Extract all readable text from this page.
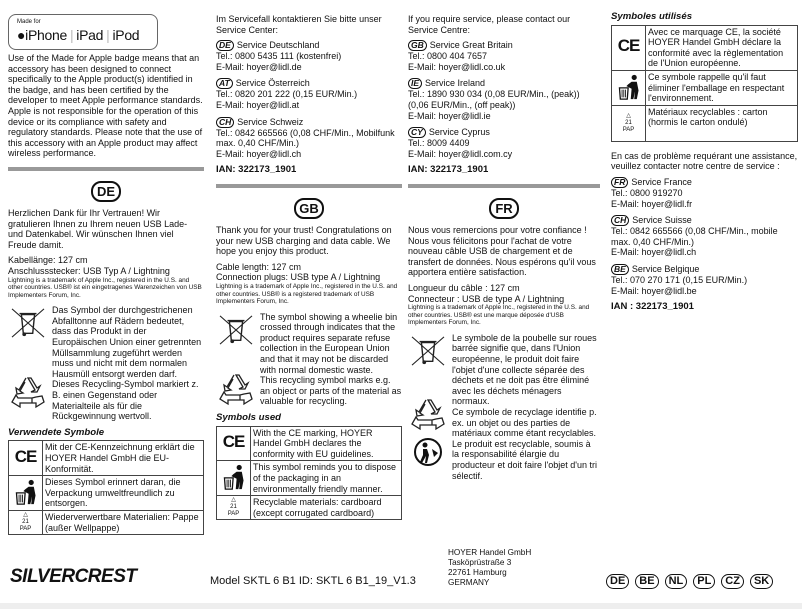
Made for
●iPhone | iPad | iPod

Use of the Made for Apple badge means that an accessory has been designed to connect specifically to the Apple product(s) identified in the badge, and has been certified by the developer to meet Apple performance standards. Apple is not responsible for the operation of this device or its compliance with safety and regulatory standards. Please note that the use of this accessory with an Apple product may affect wireless performance.

DE

Herzlichen Dank für Ihr Vertrauen! Wir gratulieren Ihnen zu Ihrem neuen USB Lade- und Datenkabel. Wir wünschen Ihnen viel Freude damit.

Kabellänge: 127 cm
Anschlussstecker: USB Typ A / Lightning

Lightning is a trademark of Apple Inc., registered in the U.S. and other countries. USB® ist ein eingetragenes Warenzeichen von USB Implementers Forum, Inc.

Das Symbol der durchgestrichenen Abfalltonne auf Rädern bedeutet, dass das Produkt in der Europäischen Union einer getrennten Müllsammlung zugeführt werden muss und nicht mit dem normalen Hausmüll entsorgt werden darf.
Dieses Recycling-Symbol markiert z. B. einen Gegenstand oder Materialteile als für die Rückgewinnung wertvoll.
Verwendete Symbole
CE	Mit der CE-Kennzeichnung erklärt die HOYER Handel GmbH die EU-Konformität.
	Dieses Symbol erinnert daran, die Verpackung umweltfreundlich zu entsorgen.

△
21
PAP	Wiederverwertbare Materialien: Pappe (außer Wellpappe)

Im Servicefall kontaktieren Sie bitte unser Service Center:

DE Service Deutschland
Tel.: 0800 5435 111 (kostenfrei)
E-Mail: hoyer@lidl.de
AT Service Österreich
Tel.: 0820 201 222 (0,15 EUR/Min.)
E-Mail: hoyer@lidl.at
CH Service Schweiz
Tel.: 0842 665566 (0,08 CHF/Min., Mobilfunk max. 0,40 CHF/Min.)
E-Mail: hoyer@lidl.ch
IAN: 322173_1901
GB

Thank you for your trust! Congratulations on your new USB charging and data cable. We hope you enjoy this product.

Cable length: 127 cm
Connection plugs: USB type A / Lightning

Lightning is a trademark of Apple Inc., registered in the U.S. and other countries. USB® is a registered trademark of USB Implementers Forum, Inc.

The symbol showing a wheelie bin crossed through indicates that the product requires separate refuse collection in the European Union and that it may not be discarded with normal domestic waste.
This recycling symbol marks e.g. an object or parts of the material as valuable for recycling.
Symbols used
CE	With the CE marking, HOYER Handel GmbH declares the conformity with EU guidelines.
	This symbol reminds you to dispose of the packaging in an environmentally friendly manner.

△
21
PAP	Recyclable materials: cardboard (except corrugated cardboard)

If you require service, please contact our Service Centre:

GB Service Great Britain
Tel.: 0800 404 7657
E-Mail: hoyer@lidl.co.uk
IE Service Ireland
Tel.: 1890 930 034 (0,08 EUR/Min., (peak)) (0,06 EUR/Min., (off peak))
E-Mail: hoyer@lidl.ie
CY Service Cyprus
Tel.: 8009 4409
E-Mail: hoyer@lidl.com.cy
IAN: 322173_1901
FR

Nous vous remercions pour votre confiance ! Nous vous félicitons pour l'achat de votre nouveau câble USB de chargement et de transfert de données. Nous espérons qu'il vous apportera entière satisfaction.

Longueur du câble : 127 cm
Connecteur : USB de type A / Lightning

Lightning is a trademark of Apple Inc., registered in the U.S. and other countries. USB® est une marque déposée d'USB Implementers Forum, Inc.

Le symbole de la poubelle sur roues barrée signifie que, dans l'Union européenne, le produit doit faire l'objet d'une collecte séparée des déchets et ne doit pas être éliminé avec les déchets ménagers normaux.
Ce symbole de recyclage identifie p. ex. un objet ou des parties de matériaux comme étant recyclables.
Le produit est recyclable, soumis à la responsabilité élargie du producteur et doit faire l'objet d'un tri sélectif.
Symboles utilisés
CE	Avec ce marquage CE, la société HOYER Handel GmbH déclare la conformité avec la règlementation de l'Union européenne.
	Ce symbole rappelle qu'il faut éliminer l'emballage en respectant l'environnement.

△
21
PAP	Matériaux recyclables : carton (hormis le carton ondulé)

En cas de problème requérant une assistance, veuillez contacter notre centre de service :

FR Service France
Tel.: 0800 919270
E-Mail: hoyer@lidl.fr
CH Service Suisse
Tel.: 0842 665566 (0,08 CHF/Min., mobile max. 0,40 CHF/Min.)
E-Mail: hoyer@lidl.ch
BE Service Belgique
Tel.: 070 270 171 (0,15 EUR/Min.)
E-Mail: hoyer@lidl.be
IAN : 322173_1901
SILVERCREST	Model SKTL 6 B1 ID: SKTL 6 B1_19_V1.3
HOYER Handel GmbH
Tasköprüstraße 3
22761 Hamburg
GERMANY	DE	BE	NL	PL	CZ	SK
